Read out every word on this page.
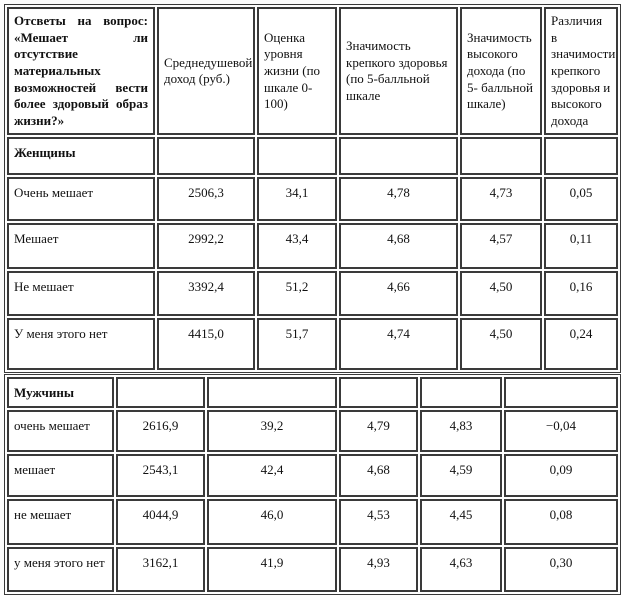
Отсветы на вопрос: «Мешает ли отсутствие материальных возможностей вести более здоровый образ жизни?»	Среднедушевой доход (руб.)	Оценка уровня жизни (по шкале 0-100)	Значимость крепкого здоровья (по 5-балльной шкале	Значимость высокого дохода (по 5- балльной шкале)	Различия в значимости крепкого здоровья и высокого дохода
Женщины					
Очень мешает	2506,3	34,1	4,78	4,73	0,05
Мешает	2992,2	43,4	4,68	4,57	0,11
Не мешает	3392,4	51,2	4,66	4,50	0,16
У меня этого нет	4415,0	51,7	4,74	4,50	0,24
Мужчины					
очень мешает	2616,9	39,2	4,79	4,83	−0,04
мешает	2543,1	42,4	4,68	4,59	0,09
не мешает	4044,9	46,0	4,53	4,45	0,08
у меня этого нет	3162,1	41,9	4,93	4,63	0,30
